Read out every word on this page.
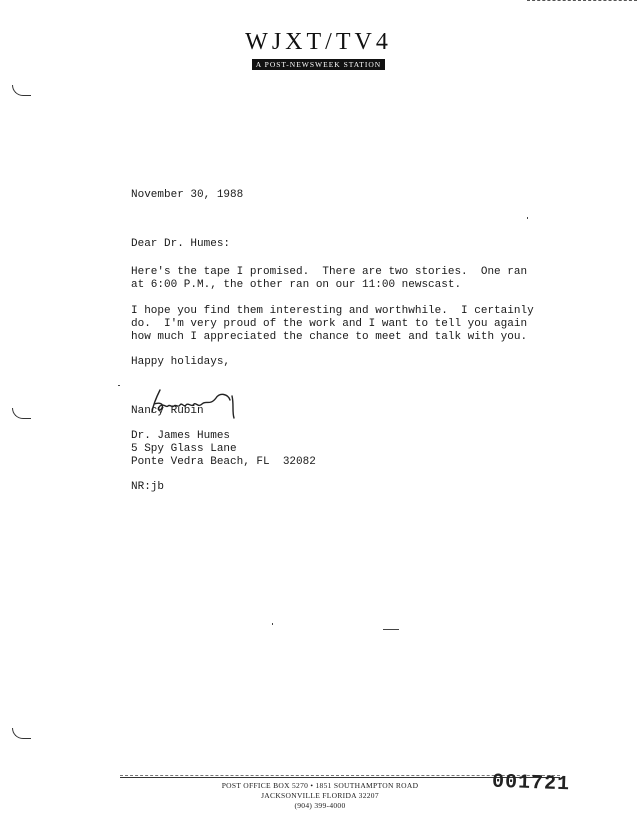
WJXT/TV4
A POST-NEWSWEEK STATION
November 30, 1988
Dear Dr. Humes:
Here's the tape I promised.  There are two stories.  One ran
at 6:00 P.M., the other ran on our 11:00 newscast.
I hope you find them interesting and worthwhile.  I certainly
do.  I'm very proud of the work and I want to tell you again
how much I appreciated the chance to meet and talk with you.
Happy holidays,
Nancy Rubin
Dr. James Humes
5 Spy Glass Lane
Ponte Vedra Beach, FL  32082
NR:jb
POST OFFICE BOX 5270 • 1851 SOUTHAMPTON ROAD
JACKSONVILLE FLORIDA 32207
(904) 399-4000
001721
